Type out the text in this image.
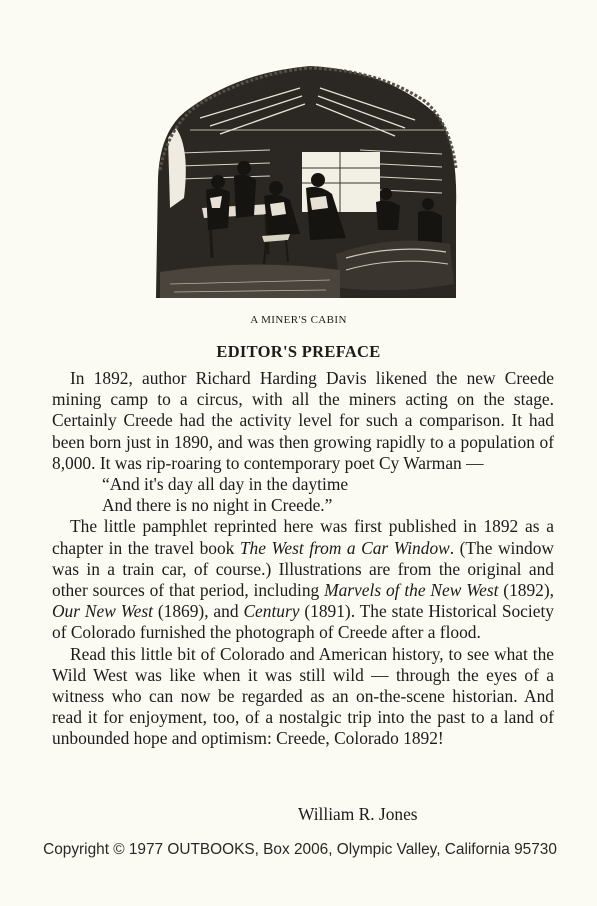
A MINER'S CABIN
EDITOR'S PREFACE

In 1892, author Richard Harding Davis likened the new Creede mining camp to a circus, with all the miners acting on the stage. Certainly Creede had the activity level for such a comparison. It had been born just in 1890, and was then growing rapidly to a population of 8,000. It was rip-roaring to contemporary poet Cy Warman —

“And it's day all day in the daytime

And there is no night in Creede.”

The little pamphlet reprinted here was first published in 1892 as a chapter in the travel book The West from a Car Window. (The window was in a train car, of course.) Illustrations are from the original and other sources of that period, including Marvels of the New West (1892), Our New West (1869), and Century (1891). The state Historical Society of Colorado furnished the photograph of Creede after a flood.

Read this little bit of Colorado and American history, to see what the Wild West was like when it was still wild — through the eyes of a witness who can now be regarded as an on-the-scene historian. And read it for enjoyment, too, of a nostalgic trip into the past to a land of unbounded hope and optimism: Creede, Colorado 1892!

William R. Jones
Copyright © 1977 OUTBOOKS, Box 2006, Olympic Valley, California 95730
